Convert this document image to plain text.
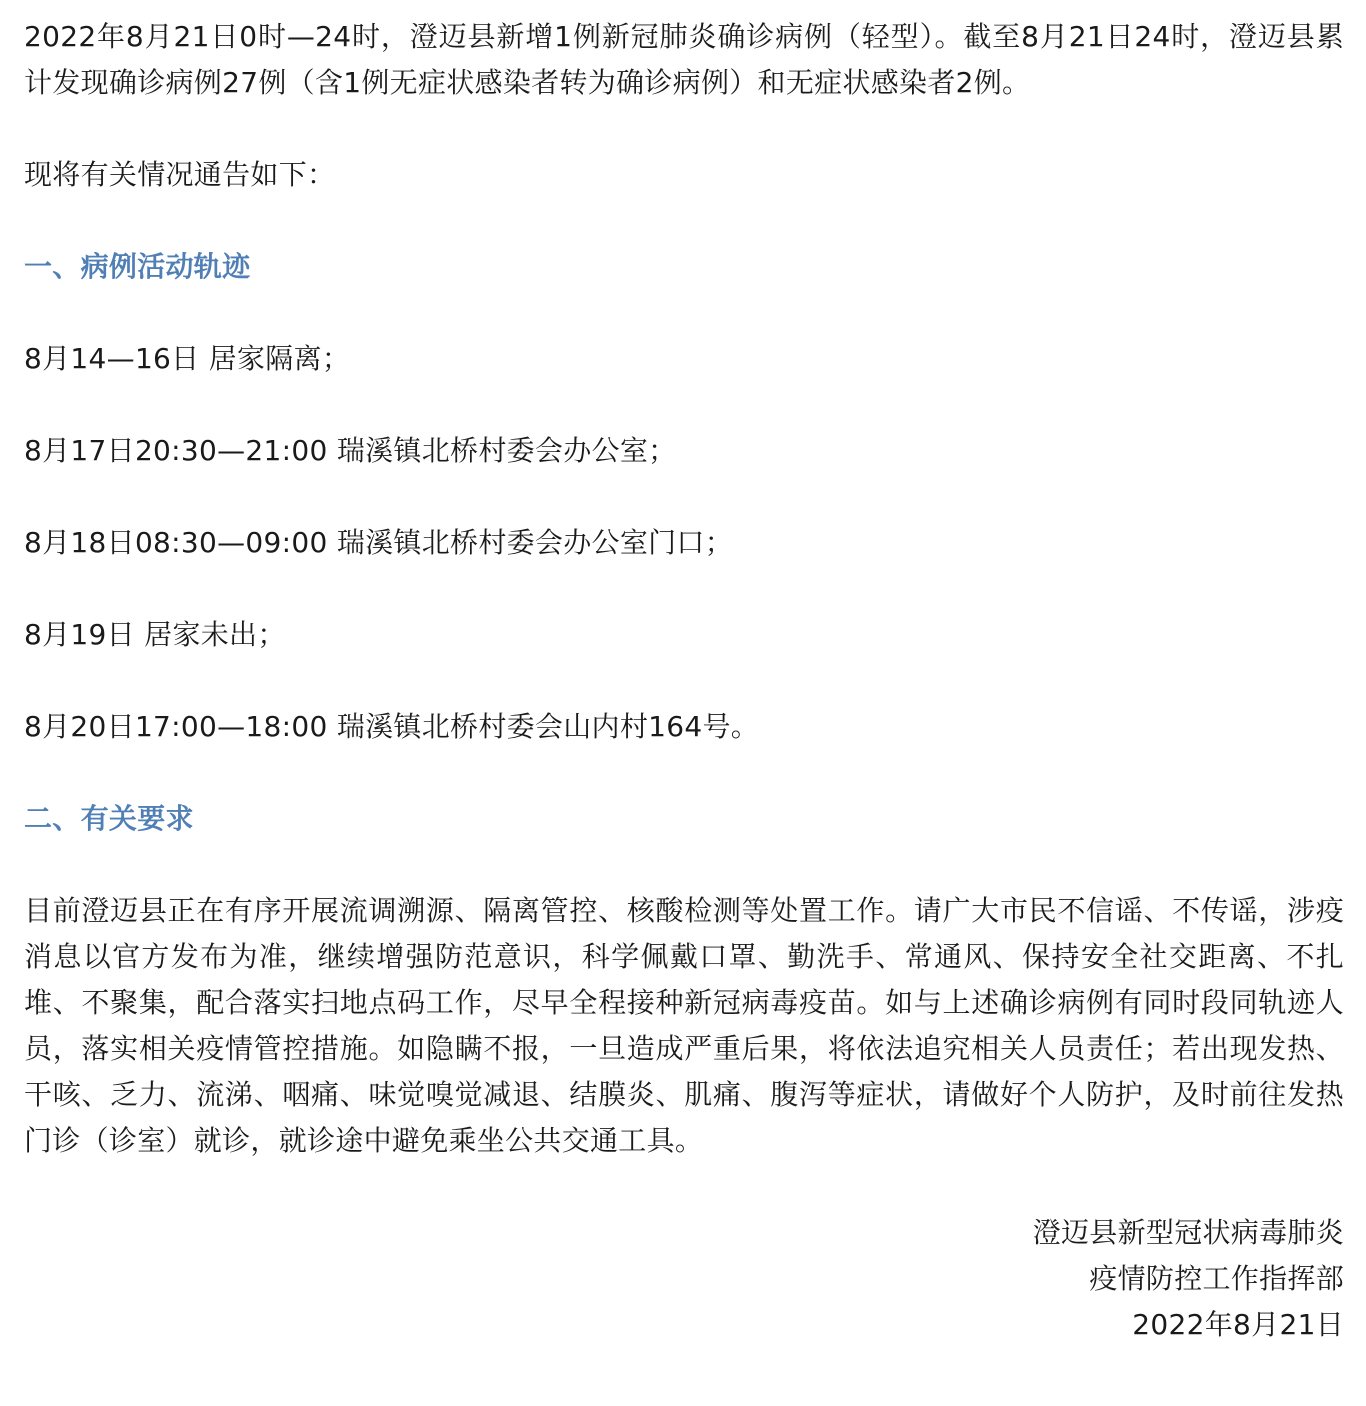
2022年8月21日0时—24时，澄迈县新增1例新冠肺炎确诊病例（轻型）。截至8月21日24时，澄迈县累计发现确诊病例27例（含1例无症状感染者转为确诊病例）和无症状感染者2例。

现将有关情况通告如下：

一、病例活动轨迹

8月14—16日 居家隔离；

8月17日20:30—21:00 瑞溪镇北桥村委会办公室；

8月18日08:30—09:00 瑞溪镇北桥村委会办公室门口；

8月19日 居家未出；

8月20日17:00—18:00 瑞溪镇北桥村委会山内村164号。

二、有关要求

目前澄迈县正在有序开展流调溯源、隔离管控、核酸检测等处置工作。请广大市民不信谣、不传谣，涉疫消息以官方发布为准，继续增强防范意识，科学佩戴口罩、勤洗手、常通风、保持安全社交距离、不扎堆、不聚集，配合落实扫地点码工作，尽早全程接种新冠病毒疫苗。如与上述确诊病例有同时段同轨迹人员，落实相关疫情管控措施。如隐瞒不报，一旦造成严重后果，将依法追究相关人员责任；若出现发热、干咳、乏力、流涕、咽痛、味觉嗅觉减退、结膜炎、肌痛、腹泻等症状，请做好个人防护，及时前往发热门诊（诊室）就诊，就诊途中避免乘坐公共交通工具。

澄迈县新型冠状病毒肺炎
疫情防控工作指挥部
2022年8月21日
